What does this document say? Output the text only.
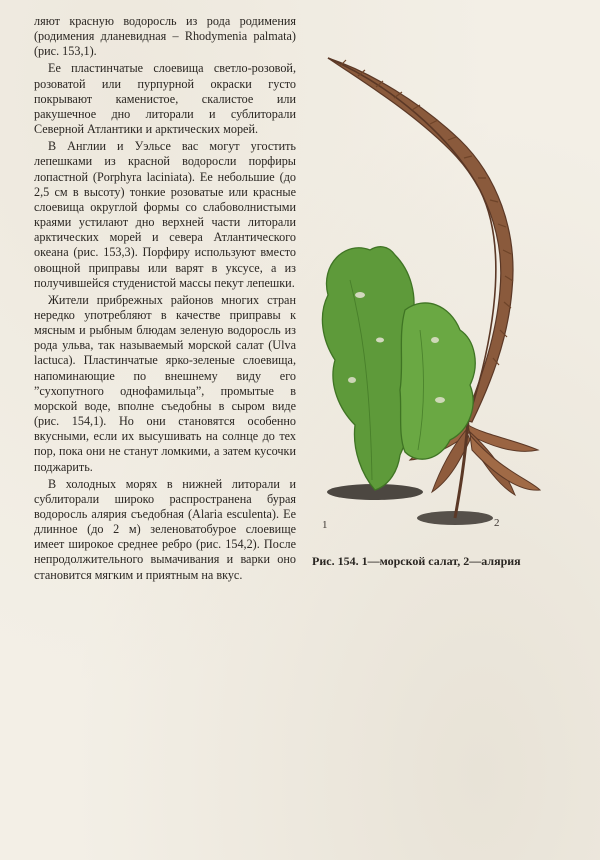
ляют красную водоросль из рода родимения (родимения дланевидная – Rhodymenia palmata) (рис. 153,1).

Ее пластинчатые слоевища светло-розовой, розоватой или пурпурной окраски густо покрывают каменистое, скалистое или ракушечное дно литорали и сублиторали Северной Атлантики и арктических морей.

В Англии и Уэльсе вас могут угостить лепешками из красной водоросли порфиры лопастной (Porphyra laciniata). Ее небольшие (до 2,5 см в высоту) тонкие розоватые или красные слоевища округлой формы со слабоволнистыми краями устилают дно верхней части литорали арктических морей и севера Атлантического океана (рис. 153,3). Порфиру используют вместо овощной приправы или варят в уксусе, а из получившейся студенистой массы пекут лепешки.

Жители прибрежных районов многих стран нередко употребляют в качестве приправы к мясным и рыбным блюдам зеленую водоросль из рода ульва, так называемый морской салат (Ulva lactuca). Пластинчатые ярко-зеленые слоевища, напоминающие по внешнему виду его ”сухопутного однофамильца”, промытые в морской воде, вполне съедобны в сыром виде (рис. 154,1). Но они становятся особенно вкусными, если их высушивать на солнце до тех пор, пока они не станут ломкими, а затем кусочки поджарить.

В холодных морях в нижней литорали и сублиторали широко распространена бурая водоросль алярия съедобная (Alaria esculenta). Ее длинное (до 2 м) зеленоватобурое слоевище имеет широкое среднее ребро (рис. 154,2). После непродолжительного вымачивания и варки оно становится мягким и приятным на вкус.

1	2
Рис. 154. 1—морской салат, 2—алярия
